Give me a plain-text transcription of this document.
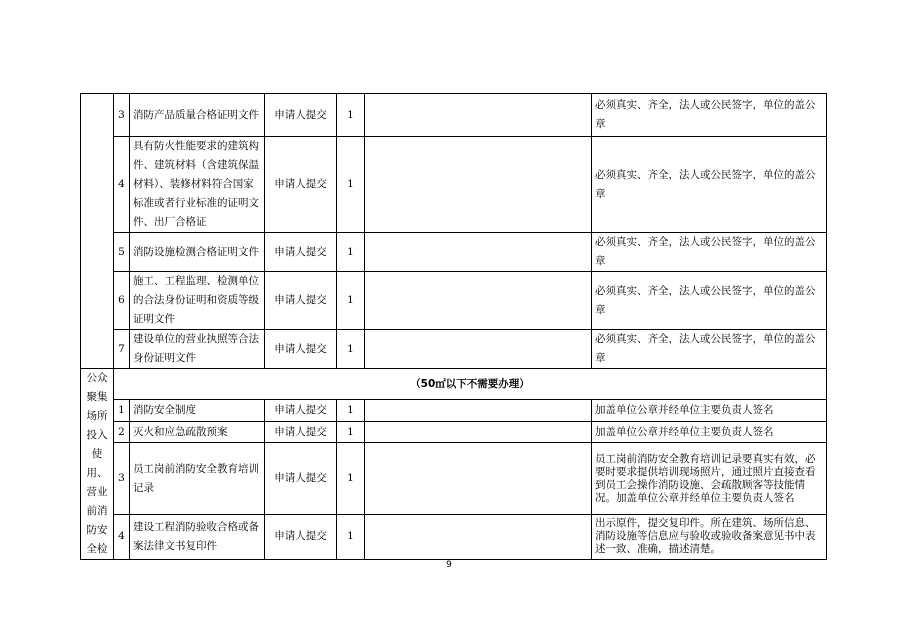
	3	消防产品质量合格证明文件	申请人提交	1		必须真实、齐全，法人或公民签字，单位的盖公章
	4	具有防火性能要求的建筑构件、建筑材料（含建筑保温材料）、装修材料符合国家标准或者行业标准的证明文件、出厂合格证	申请人提交	1		必须真实、齐全，法人或公民签字，单位的盖公章
	5	消防设施检测合格证明文件	申请人提交	1		必须真实、齐全，法人或公民签字，单位的盖公章
	6	施工、工程监理、检测单位的合法身份证明和资质等级证明文件	申请人提交	1		必须真实、齐全，法人或公民签字，单位的盖公章
	7	建设单位的营业执照等合法身份证明文件	申请人提交	1		必须真实、齐全，法人或公民签字，单位的盖公章
公众聚集场所投入使用、营业前消防安全检	（50㎡以下不需要办理）					
	1	消防安全制度	申请人提交	1		加盖单位公章并经单位主要负责人签名
	2	灭火和应急疏散预案	申请人提交	1		加盖单位公章并经单位主要负责人签名
	3	员工岗前消防安全教育培训记录	申请人提交	1		员工岗前消防安全教育培训记录要真实有效，必要时要求提供培训现场照片，通过照片直接查看到员工会操作消防设施、会疏散顾客等技能情况。加盖单位公章并经单位主要负责人签名
	4	建设工程消防验收合格或备案法律文书复印件	申请人提交	1		出示原件，提交复印件。所在建筑、场所信息、消防设施等信息应与验收或验收备案意见书中表述一致、准确，描述清楚。
9
